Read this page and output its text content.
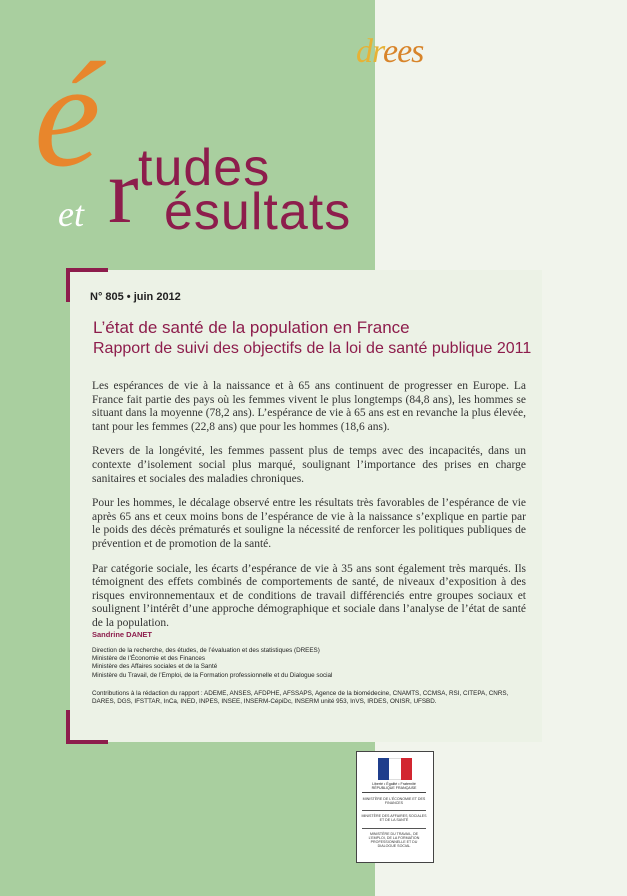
drees
é r tudes
ésultats
et
N° 805 • juin 2012
L’état de santé de la population en France
Rapport de suivi des objectifs de la loi de santé publique 2011

Les espérances de vie à la naissance et à 65 ans continuent de progresser en Europe. La France fait partie des pays où les femmes vivent le plus longtemps (84,8 ans), les hommes se situant dans la moyenne (78,2 ans). L’espérance de vie à 65 ans est en revanche la plus élevée, tant pour les femmes (22,8 ans) que pour les hommes (18,6 ans).

Revers de la longévité, les femmes passent plus de temps avec des incapacités, dans un contexte d’isolement social plus marqué, soulignant l’importance des prises en charge sanitaires et sociales des maladies chroniques.

Pour les hommes, le décalage observé entre les résultats très favorables de l’espérance de vie après 65 ans et ceux moins bons de l’espérance de vie à la naissance s’explique en partie par le poids des décès prématurés et souligne la nécessité de renforcer les politiques publiques de prévention et de promotion de la santé.

Par catégorie sociale, les écarts d’espérance de vie à 35 ans sont également très marqués. Ils témoignent des effets combinés de comportements de santé, de niveaux d’exposition à des risques environnementaux et de conditions de travail différenciés entre groupes sociaux et soulignent l’intérêt d’une approche démographique et sociale dans l’analyse de l’état de santé de la population.

Sandrine DANET
Direction de la recherche, des études, de l’évaluation et des statistiques (DREES)
Ministère de l’Économie et des Finances
Ministère des Affaires sociales et de la Santé
Ministère du Travail, de l’Emploi, de la Formation professionnelle et du Dialogue social
Contributions à la rédaction du rapport : ADEME, ANSES, AFDPHE, AFSSAPS, Agence de la biomédecine, CNAMTS, CCMSA, RSI, CITEPA, CNRS, DARES, DGS, IFSTTAR, InCa, INED, INPES, INSEE, INSERM-CépiDc, INSERM unité 953, InVS, IRDES, ONISR, UFSBD.
Liberté • Égalité • Fraternité
RÉPUBLIQUE FRANÇAISE
MINISTÈRE DE L’ÉCONOMIE ET DES FINANCES
MINISTÈRE DES AFFAIRES SOCIALES ET DE LA SANTÉ
MINISTÈRE DU TRAVAIL, DE L’EMPLOI, DE LA FORMATION PROFESSIONNELLE ET DU DIALOGUE SOCIAL
